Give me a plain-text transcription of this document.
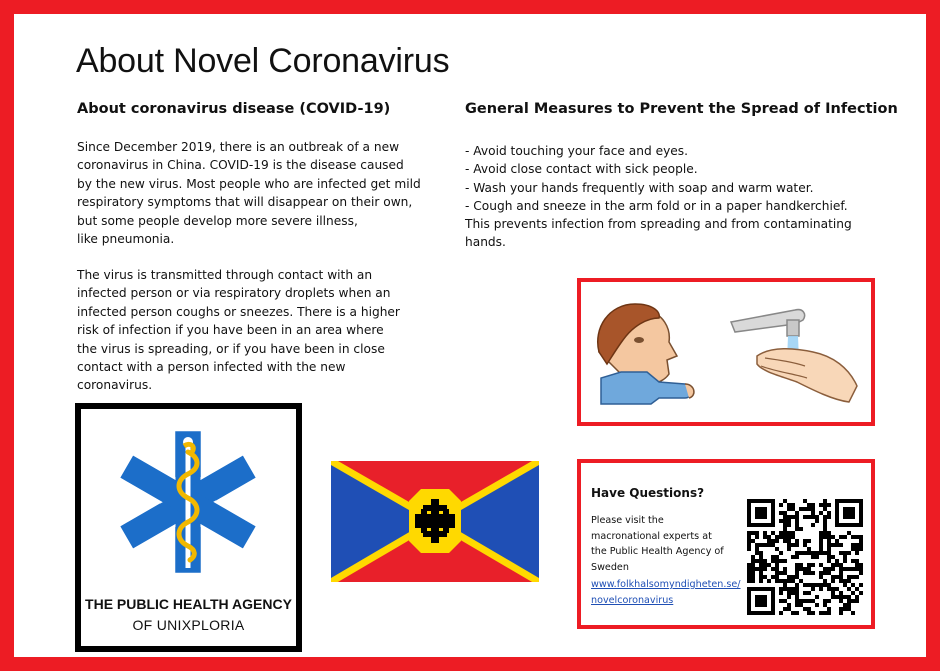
About Novel Coronavirus
About coronavirus disease (COVID-19)

Since December 2019, there is an outbreak of a new
coronavirus in China. COVID-19 is the disease caused
by the new virus. Most people who are infected get mild
respiratory symptoms that will disappear on their own,
but some people develop more severe illness,
like pneumonia.

The virus is transmitted through contact with an
infected person or via respiratory droplets when an
infected person coughs or sneezes. There is a higher
risk of infection if you have been in an area where
the virus is spreading, or if you have been in close
contact with a person infected with the new
coronavirus.

General Measures to Prevent the Spread of Infection
- Avoid touching your face and eyes.
- Avoid close contact with sick people.
- Wash your hands frequently with soap and warm water.
- Cough and sneeze in the arm fold or in a paper handkerchief.
This prevents infection from spreading and from contaminating
hands.
THE PUBLIC HEALTH AGENCY
OF UNIXPLORIA
Have Questions?

Please visit the
macronational experts at
the Public Health Agency of
Sweden

www.folkhalsomyndigheten.se/
novelcoronavirus
